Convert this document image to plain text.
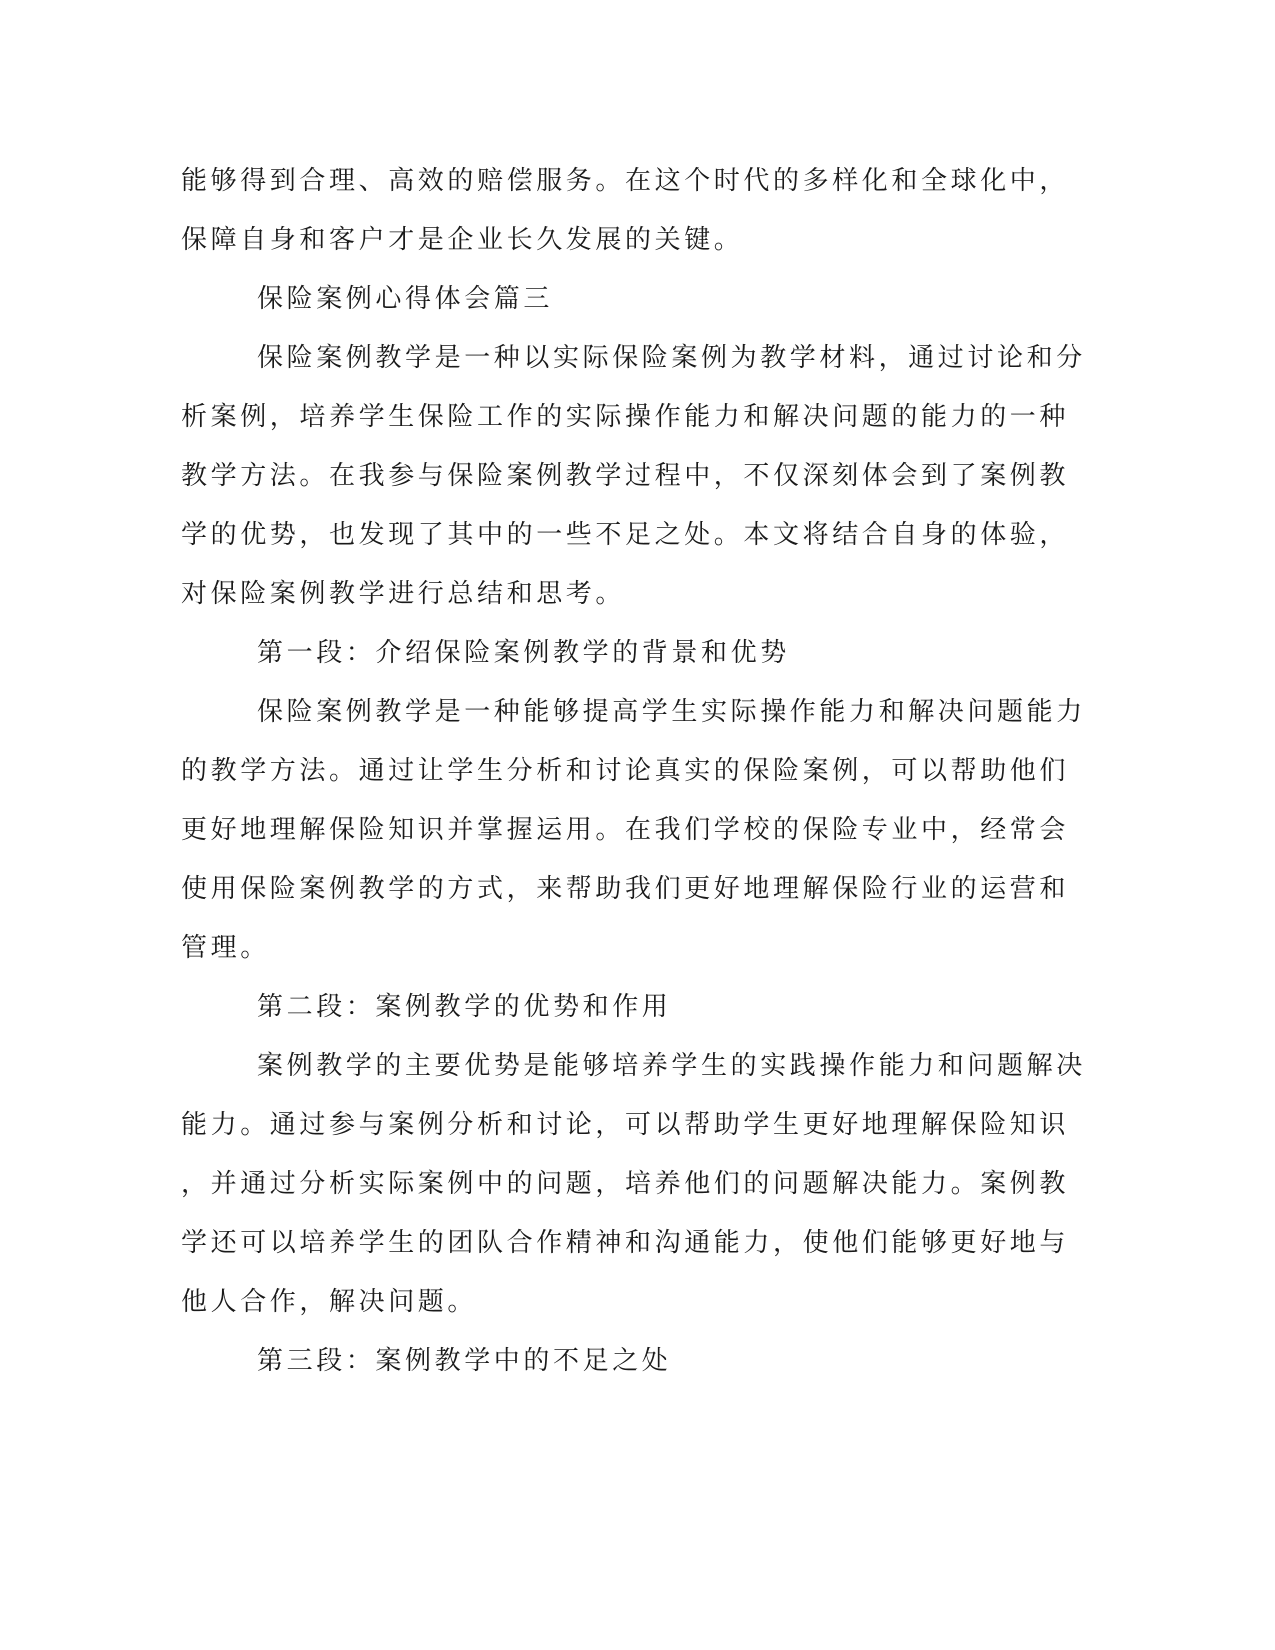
能够得到合理、高效的赔偿服务。在这个时代的多样化和全球化中，
保障自身和客户才是企业长久发展的关键。
保险案例心得体会篇三
保险案例教学是一种以实际保险案例为教学材料，通过讨论和分
析案例，培养学生保险工作的实际操作能力和解决问题的能力的一种
教学方法。在我参与保险案例教学过程中，不仅深刻体会到了案例教
学的优势，也发现了其中的一些不足之处。本文将结合自身的体验，
对保险案例教学进行总结和思考。
第一段：介绍保险案例教学的背景和优势
保险案例教学是一种能够提高学生实际操作能力和解决问题能力
的教学方法。通过让学生分析和讨论真实的保险案例，可以帮助他们
更好地理解保险知识并掌握运用。在我们学校的保险专业中，经常会
使用保险案例教学的方式，来帮助我们更好地理解保险行业的运营和
管理。
第二段：案例教学的优势和作用
案例教学的主要优势是能够培养学生的实践操作能力和问题解决
能力。通过参与案例分析和讨论，可以帮助学生更好地理解保险知识
，并通过分析实际案例中的问题，培养他们的问题解决能力。案例教
学还可以培养学生的团队合作精神和沟通能力，使他们能够更好地与
他人合作，解决问题。
第三段：案例教学中的不足之处
